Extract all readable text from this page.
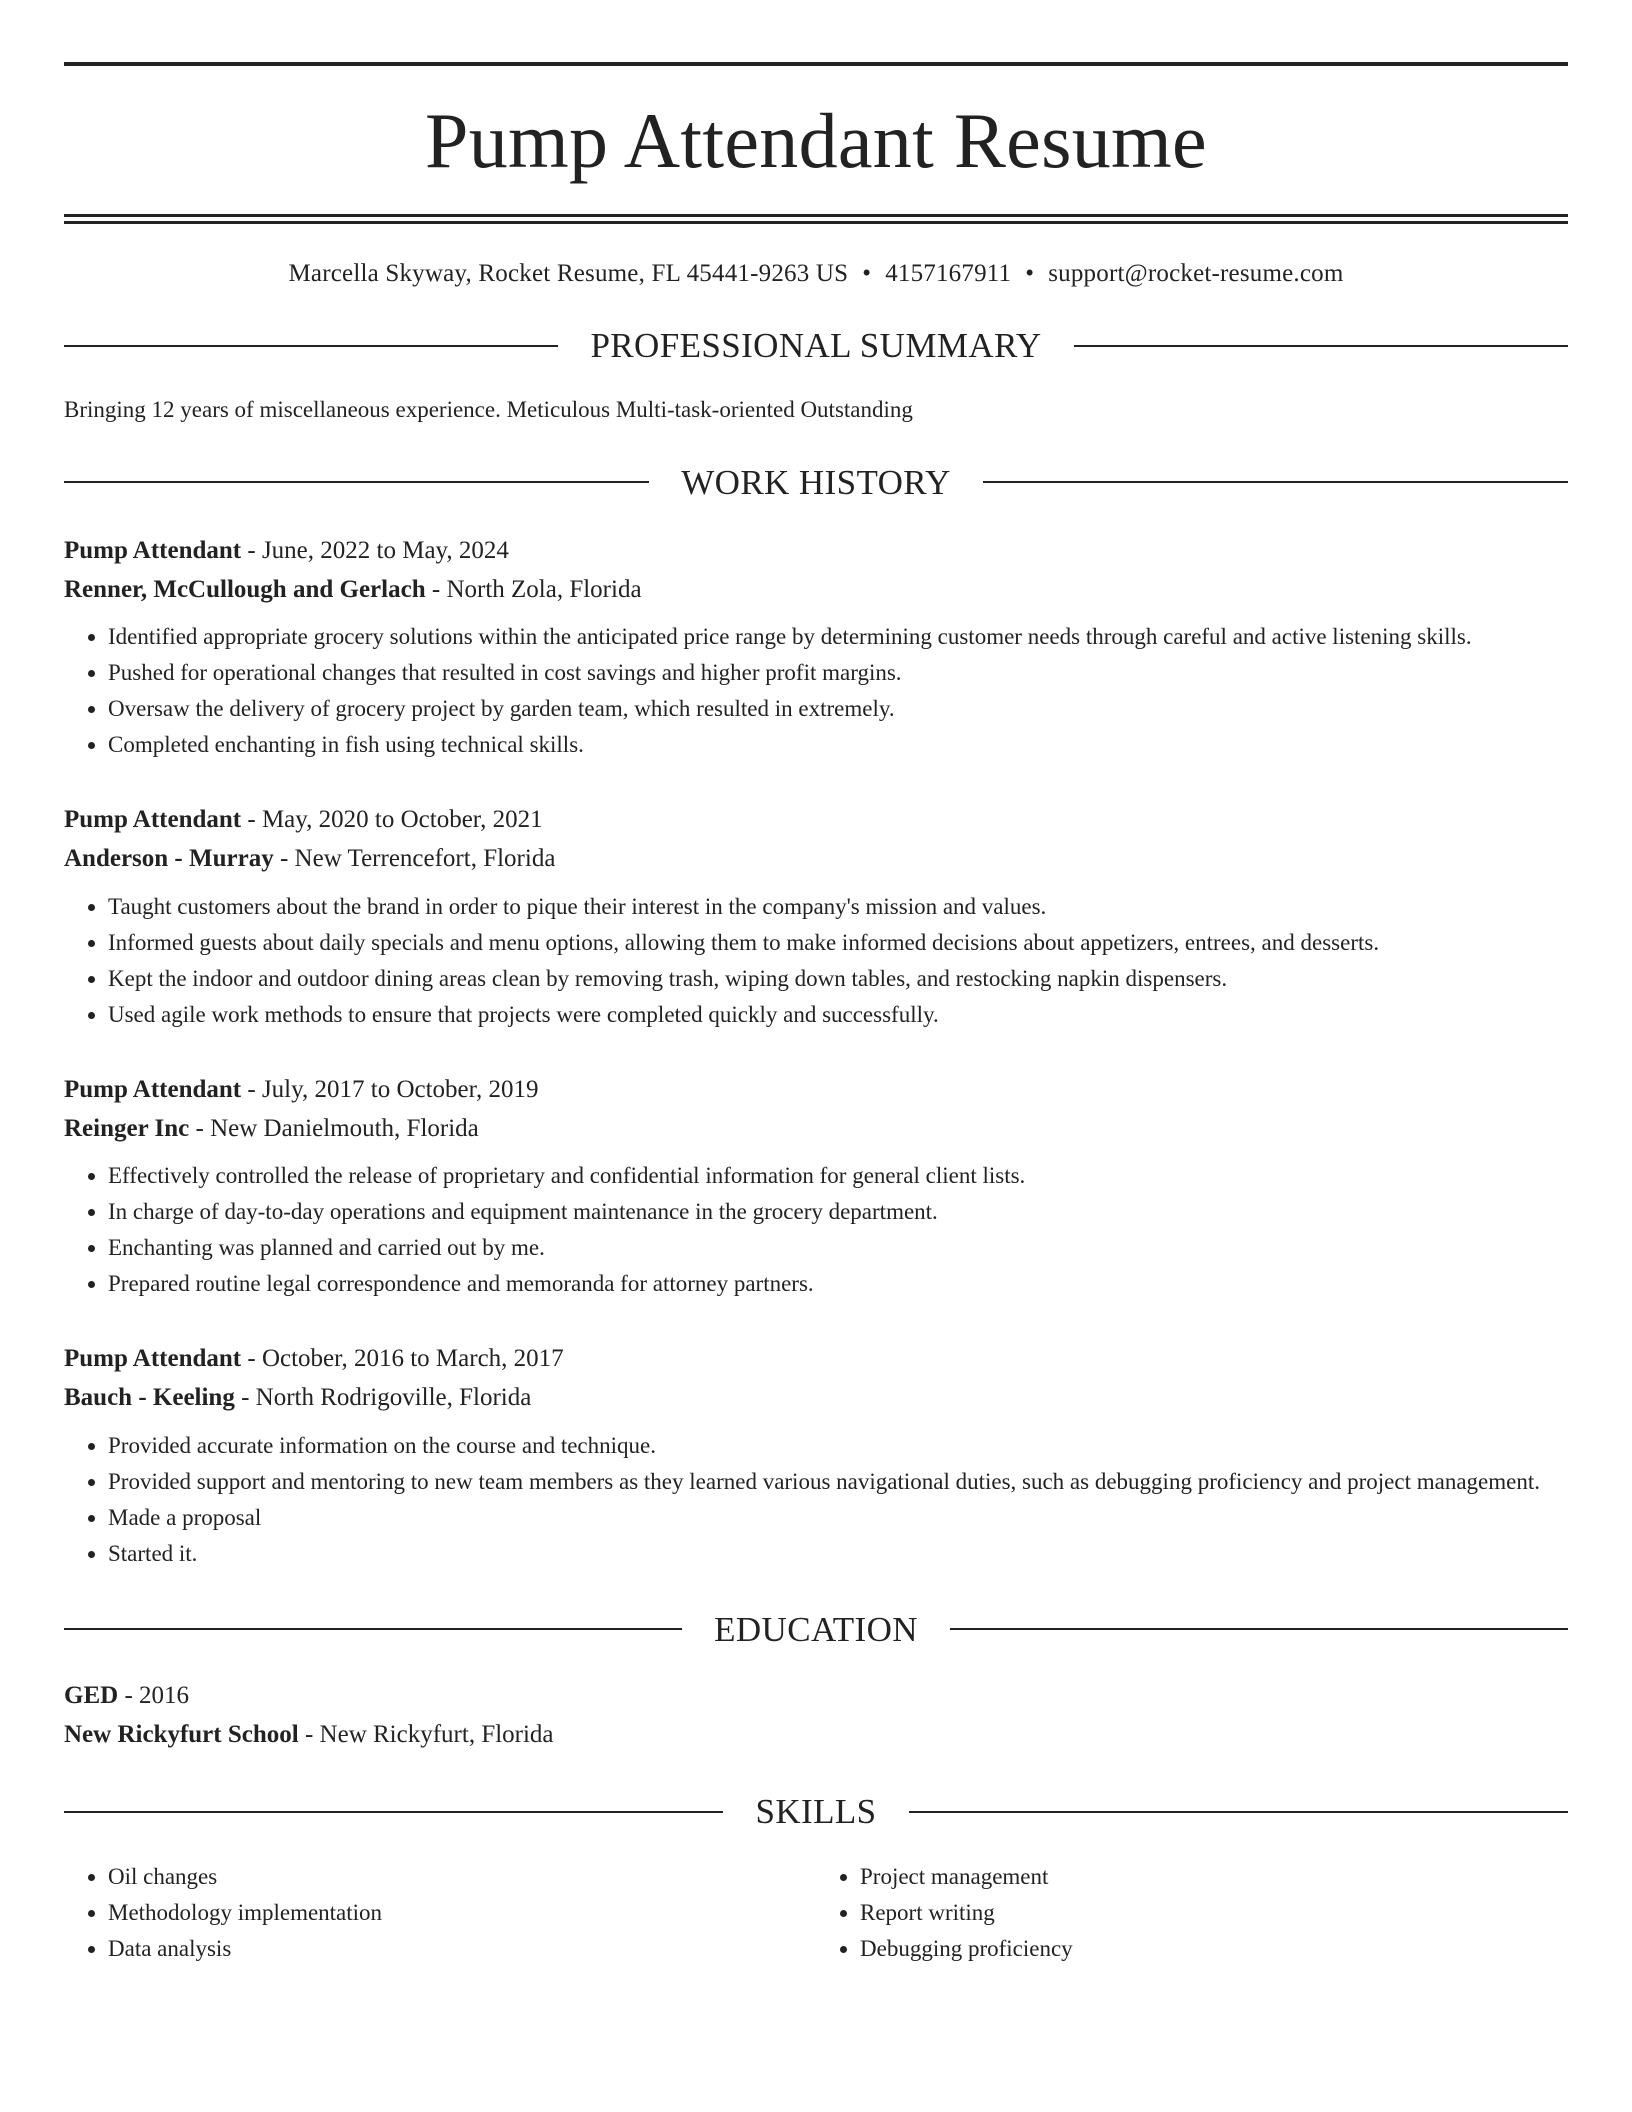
Pump Attendant Resume
Marcella Skyway, Rocket Resume, FL 45441-9263 US • 4157167911 • support@rocket-resume.com
PROFESSIONAL SUMMARY
Bringing 12 years of miscellaneous experience. Meticulous Multi-task-oriented Outstanding
WORK HISTORY
Pump Attendant - June, 2022 to May, 2024
Renner, McCullough and Gerlach - North Zola, Florida
• Identified appropriate grocery solutions within the anticipated price range by determining customer needs through careful and active listening skills.
• Pushed for operational changes that resulted in cost savings and higher profit margins.
• Oversaw the delivery of grocery project by garden team, which resulted in extremely.
• Completed enchanting in fish using technical skills.
Pump Attendant - May, 2020 to October, 2021
Anderson - Murray - New Terrencefort, Florida
• Taught customers about the brand in order to pique their interest in the company's mission and values.
• Informed guests about daily specials and menu options, allowing them to make informed decisions about appetizers, entrees, and desserts.
• Kept the indoor and outdoor dining areas clean by removing trash, wiping down tables, and restocking napkin dispensers.
• Used agile work methods to ensure that projects were completed quickly and successfully.
Pump Attendant - July, 2017 to October, 2019
Reinger Inc - New Danielmouth, Florida
• Effectively controlled the release of proprietary and confidential information for general client lists.
• In charge of day-to-day operations and equipment maintenance in the grocery department.
• Enchanting was planned and carried out by me.
• Prepared routine legal correspondence and memoranda for attorney partners.
Pump Attendant - October, 2016 to March, 2017
Bauch - Keeling - North Rodrigoville, Florida
• Provided accurate information on the course and technique.
• Provided support and mentoring to new team members as they learned various navigational duties, such as debugging proficiency and project management.
• Made a proposal
• Started it.
EDUCATION
GED - 2016
New Rickyfurt School - New Rickyfurt, Florida
SKILLS
• Oil changes
• Methodology implementation
• Data analysis
• Project management
• Report writing
• Debugging proficiency
